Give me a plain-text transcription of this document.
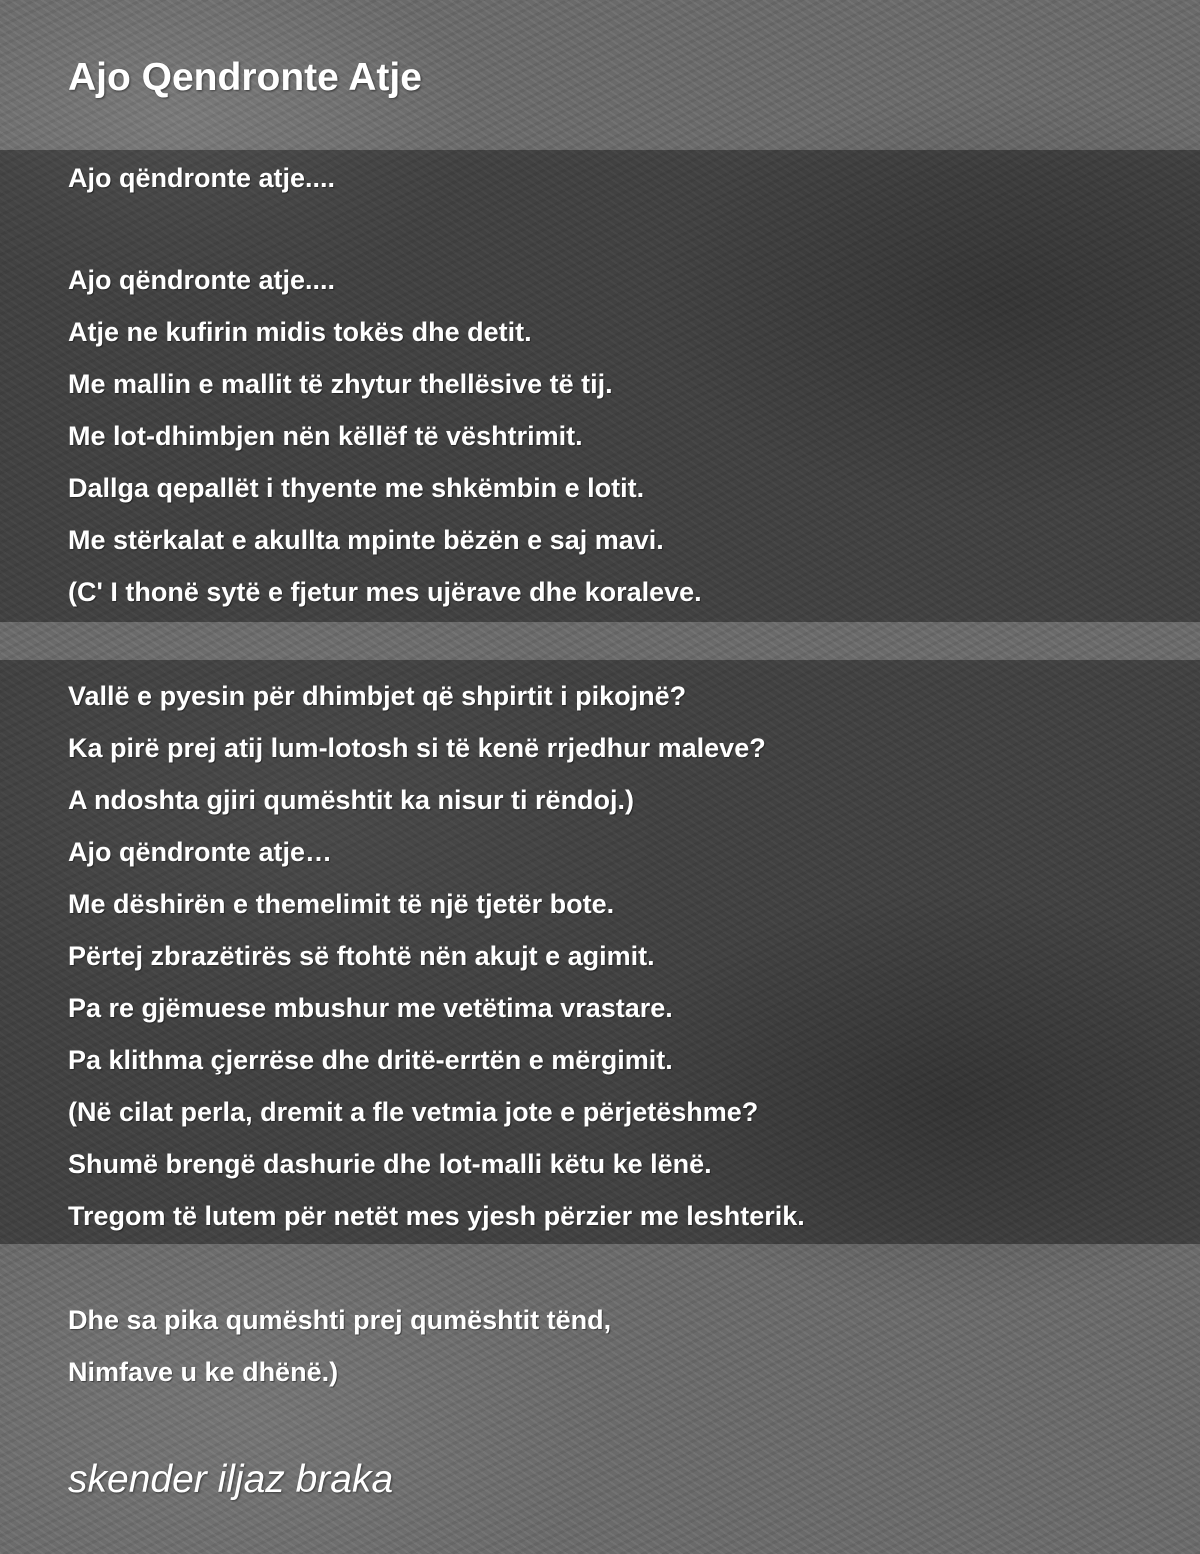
Ajo Qendronte Atje
Ajo qëndronte atje....
Ajo qëndronte atje....
Atje ne kufirin midis tokës dhe detit.
Me mallin e mallit të zhytur thellësive të tij.
Me lot-dhimbjen nën këllëf të vështrimit.
Dallga qepallët i thyente me shkëmbin e lotit.
Me stërkalat e akullta mpinte bëzën e saj mavi.
(C' I thonë sytë e fjetur mes ujërave dhe koraleve.
Vallë e pyesin për dhimbjet që shpirtit i pikojnë?
Ka pirë prej atij lum-lotosh si të kenë rrjedhur maleve?
A ndoshta gjiri qumështit ka nisur ti rëndoj.)
Ajo qëndronte atje…
Me dëshirën e themelimit të një tjetër bote.
Përtej zbrazëtirës së ftohtë nën akujt e agimit.
Pa re gjëmuese mbushur me vetëtima vrastare.
Pa klithma çjerrëse dhe dritë-errtën e mërgimit.
(Në cilat perla, dremit a fle vetmia jote e përjetëshme?
Shumë brengë dashurie dhe lot-malli këtu ke lënë.
Tregom të lutem për netët mes yjesh përzier me leshterik.
Dhe sa pika qumështi prej qumështit tënd,
Nimfave u ke dhënë.)
skender iljaz braka
